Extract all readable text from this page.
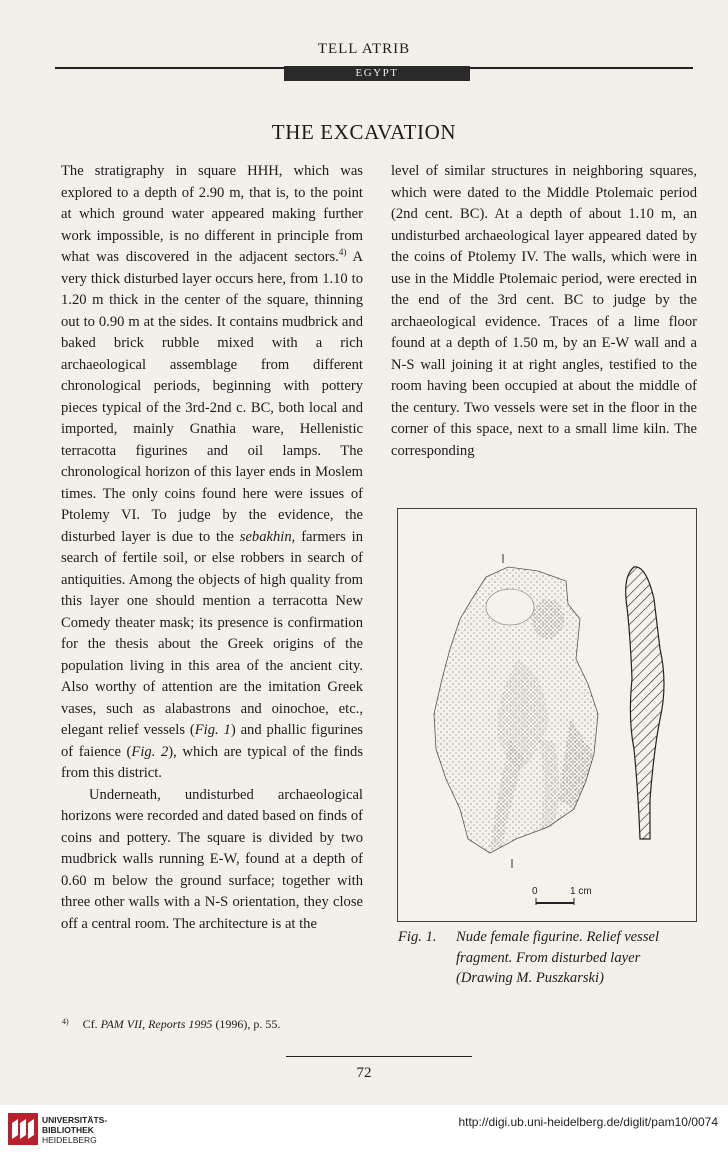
TELL ATRIB
EGYPT
THE EXCAVATION

The stratigraphy in square HHH, which was explored to a depth of 2.90 m, that is, to the point at which ground water appeared making further work impossible, is no different in principle from what was discovered in the adjacent sectors.$^{4)}$ A very thick disturbed layer occurs here, from 1.10 to 1.20 m thick in the center of the square, thinning out to 0.90 m at the sides. It contains mudbrick and baked brick rubble mixed with a rich archaeological assemblage from different chronological periods, beginning with pottery pieces typical of the 3rd-2nd c. BC, both local and imported, mainly Gnathia ware, Hellenistic terracotta figurines and oil lamps. The chronological horizon of this layer ends in Moslem times. The only coins found here were issues of Ptolemy VI. To judge by the evidence, the disturbed layer is due to the sebakhin, farmers in search of fertile soil, or else robbers in search of antiquities. Among the objects of high quality from this layer one should mention a terracotta New Comedy theater mask; its presence is confirmation for the thesis about the Greek origins of the population living in this area of the ancient city. Also worthy of attention are the imitation Greek vases, such as alabastrons and oinochoe, etc., elegant relief vessels (Fig. 1) and phallic figurines of faience (Fig. 2), which are typical of the finds from this district.

Underneath, undisturbed archaeological horizons were recorded and dated based on finds of coins and pottery. The square is divided by two mudbrick walls running E-W, found at a depth of 0.60 m below the ground surface; together with three other walls with a N-S orientation, they close off a central room. The architecture is at the

level of similar structures in neighboring squares, which were dated to the Middle Ptolemaic period (2nd cent. BC). At a depth of about 1.10 m, an undisturbed archaeological layer appeared dated by the coins of Ptolemy IV. The walls, which were in use in the Middle Ptolemaic period, were erected in the end of the 3rd cent. BC to judge by the archaeological evidence. Traces of a lime floor found at a depth of 1.50 m, by an E-W wall and a N-S wall joining it at right angles, testified to the room having been occupied at about the middle of the century. Two vessels were set in the floor in the corner of this space, next to a small lime kiln. The corresponding

0	1 cm
Fig. 1. Nude female figurine. Relief vessel
fragment. From disturbed layer
(Drawing M. Puszkarski)
$^{4)}$ Cf. PAM VII, Reports 1995 (1996), p. 55.
72
UNIVERSITÄTS-
BIBLIOTHEK
HEIDELBERG
http://digi.ub.uni-heidelberg.de/diglit/pam10/0074
